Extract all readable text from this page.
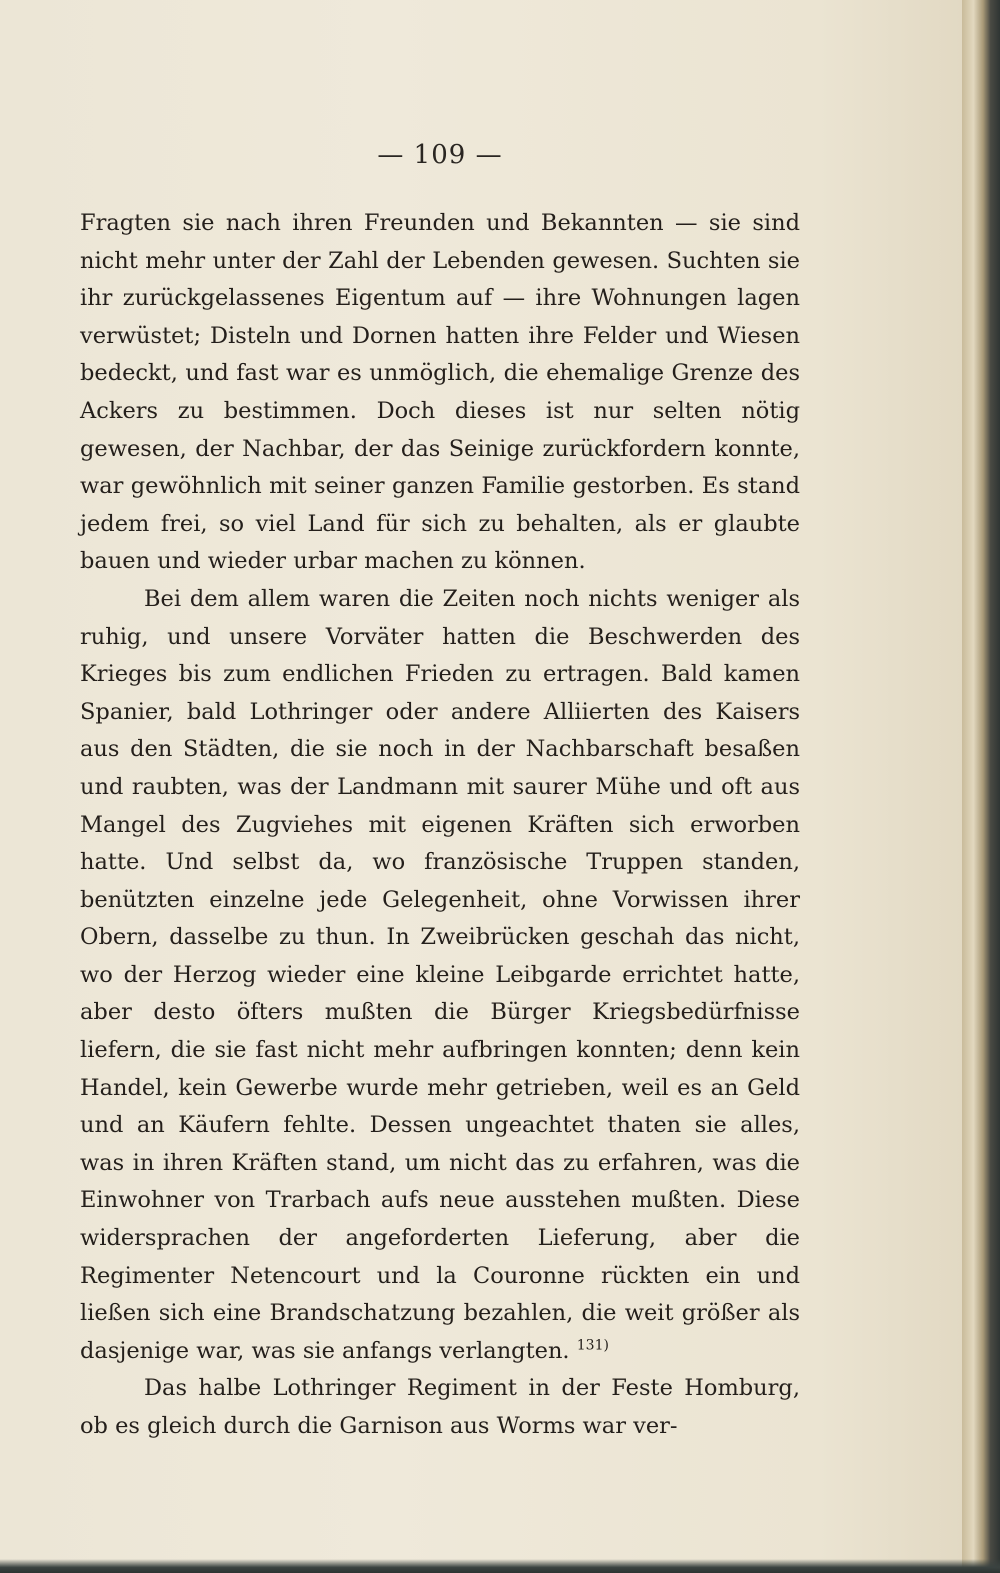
— 109 —

Fragten sie nach ihren Freunden und Bekannten — sie sind nicht mehr unter der Zahl der Lebenden gewesen. Suchten sie ihr zurückgelassenes Eigentum auf — ihre Wohnungen lagen verwüstet; Disteln und Dornen hatten ihre Felder und Wiesen bedeckt, und fast war es unmöglich, die ehemalige Grenze des Ackers zu bestimmen. Doch dieses ist nur selten nötig gewesen, der Nachbar, der das Seinige zurückfordern konnte, war gewöhnlich mit seiner ganzen Familie gestorben. Es stand jedem frei, so viel Land für sich zu behalten, als er glaubte bauen und wieder urbar machen zu können.

Bei dem allem waren die Zeiten noch nichts weniger als ruhig, und unsere Vorväter hatten die Beschwerden des Krieges bis zum endlichen Frieden zu ertragen. Bald kamen Spanier, bald Lothringer oder andere Alliierten des Kaisers aus den Städten, die sie noch in der Nachbarschaft besaßen und raubten, was der Landmann mit saurer Mühe und oft aus Mangel des Zugviehes mit eigenen Kräften sich erworben hatte. Und selbst da, wo französische Truppen standen, benützten einzelne jede Gelegenheit, ohne Vorwissen ihrer Obern, dasselbe zu thun. In Zweibrücken geschah das nicht, wo der Herzog wieder eine kleine Leibgarde errichtet hatte, aber desto öfters mußten die Bürger Kriegsbedürfnisse liefern, die sie fast nicht mehr aufbringen konnten; denn kein Handel, kein Gewerbe wurde mehr getrieben, weil es an Geld und an Käufern fehlte. Dessen ungeachtet thaten sie alles, was in ihren Kräften stand, um nicht das zu erfahren, was die Einwohner von Trarbach aufs neue ausstehen mußten. Diese widersprachen der angeforderten Lieferung, aber die Regimenter Netencourt und la Couronne rückten ein und ließen sich eine Brandschatzung bezahlen, die weit größer als dasjenige war, was sie anfangs verlangten. $^{131)}$

Das halbe Lothringer Regiment in der Feste Homburg, ob es gleich durch die Garnison aus Worms war ver-
